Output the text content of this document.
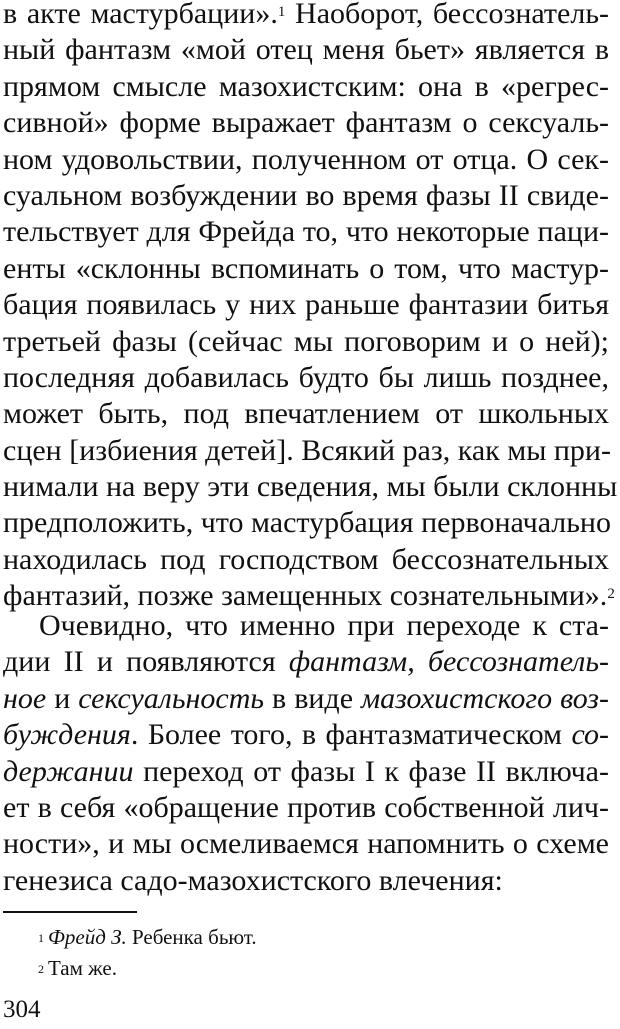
в акте мастурбации».$^1$ Наоборот, бессознатель-
ный фантазм «мой отец меня бьет» является в
прямом смысле мазохистским: она в «регрес-
сивной» форме выражает фантазм о сексуаль-
ном удовольствии, полученном от отца. О сек-
суальном возбуждении во время фазы II свиде-
тельствует для Фрейда то, что некоторые паци-
енты «склонны вспоминать о том, что мастур-
бация появилась у них раньше фантазии битья
третьей фазы (сейчас мы поговорим и о ней);
последняя добавилась будто бы лишь позднее,
может быть, под впечатлением от школьных
сцен [избиения детей]. Всякий раз, как мы при-
нимали на веру эти сведения, мы были склонны
предположить, что мастурбация первоначально
находилась под господством бессознательных
фантазий, позже замещенных сознательными».$^2$
Очевидно, что именно при переходе к ста-
дии II и появляются фантазм, бессознатель-
ное и сексуальность в виде мазохистского воз-
буждения. Более того, в фантазматическом со-
держании переход от фазы I к фазе II включа-
ет в себя «обращение против собственной лич-
ности», и мы осмеливаемся напомнить о схеме
генезиса садо-мазохистского влечения:
$^1$ Фрейд З. Ребенка бьют.
$^2$ Там же.
304
